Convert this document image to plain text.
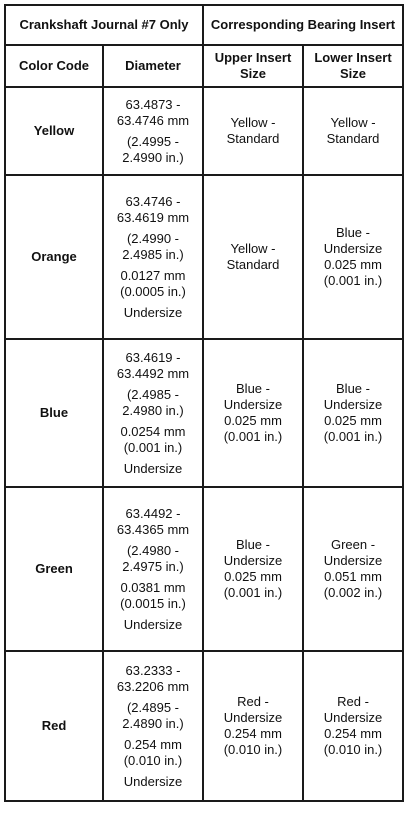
Crankshaft Journal #7 Only		Corresponding Bearing Insert	
Color Code	Diameter	Upper Insert Size	Lower Insert Size
Yellow	63.4873 - 63.4746 mm

(2.4995 - 2.4990 in.)	Yellow - Standard	Yellow - Standard
Orange	63.4746 - 63.4619 mm

(2.4990 - 2.4985 in.)

0.0127 mm (0.0005 in.)

Undersize	Yellow - Standard	Blue - Undersize 0.025 mm (0.001 in.)
Blue	63.4619 - 63.4492 mm

(2.4985 - 2.4980 in.)

0.0254 mm (0.001 in.)

Undersize	Blue - Undersize 0.025 mm (0.001 in.)	Blue - Undersize 0.025 mm (0.001 in.)
Green	63.4492 - 63.4365 mm

(2.4980 - 2.4975 in.)

0.0381 mm (0.0015 in.)

Undersize	Blue - Undersize 0.025 mm (0.001 in.)	Green - Undersize 0.051 mm (0.002 in.)
Red	63.2333 - 63.2206 mm

(2.4895 - 2.4890 in.)

0.254 mm (0.010 in.)

Undersize	Red - Undersize 0.254 mm (0.010 in.)	Red - Undersize 0.254 mm (0.010 in.)
